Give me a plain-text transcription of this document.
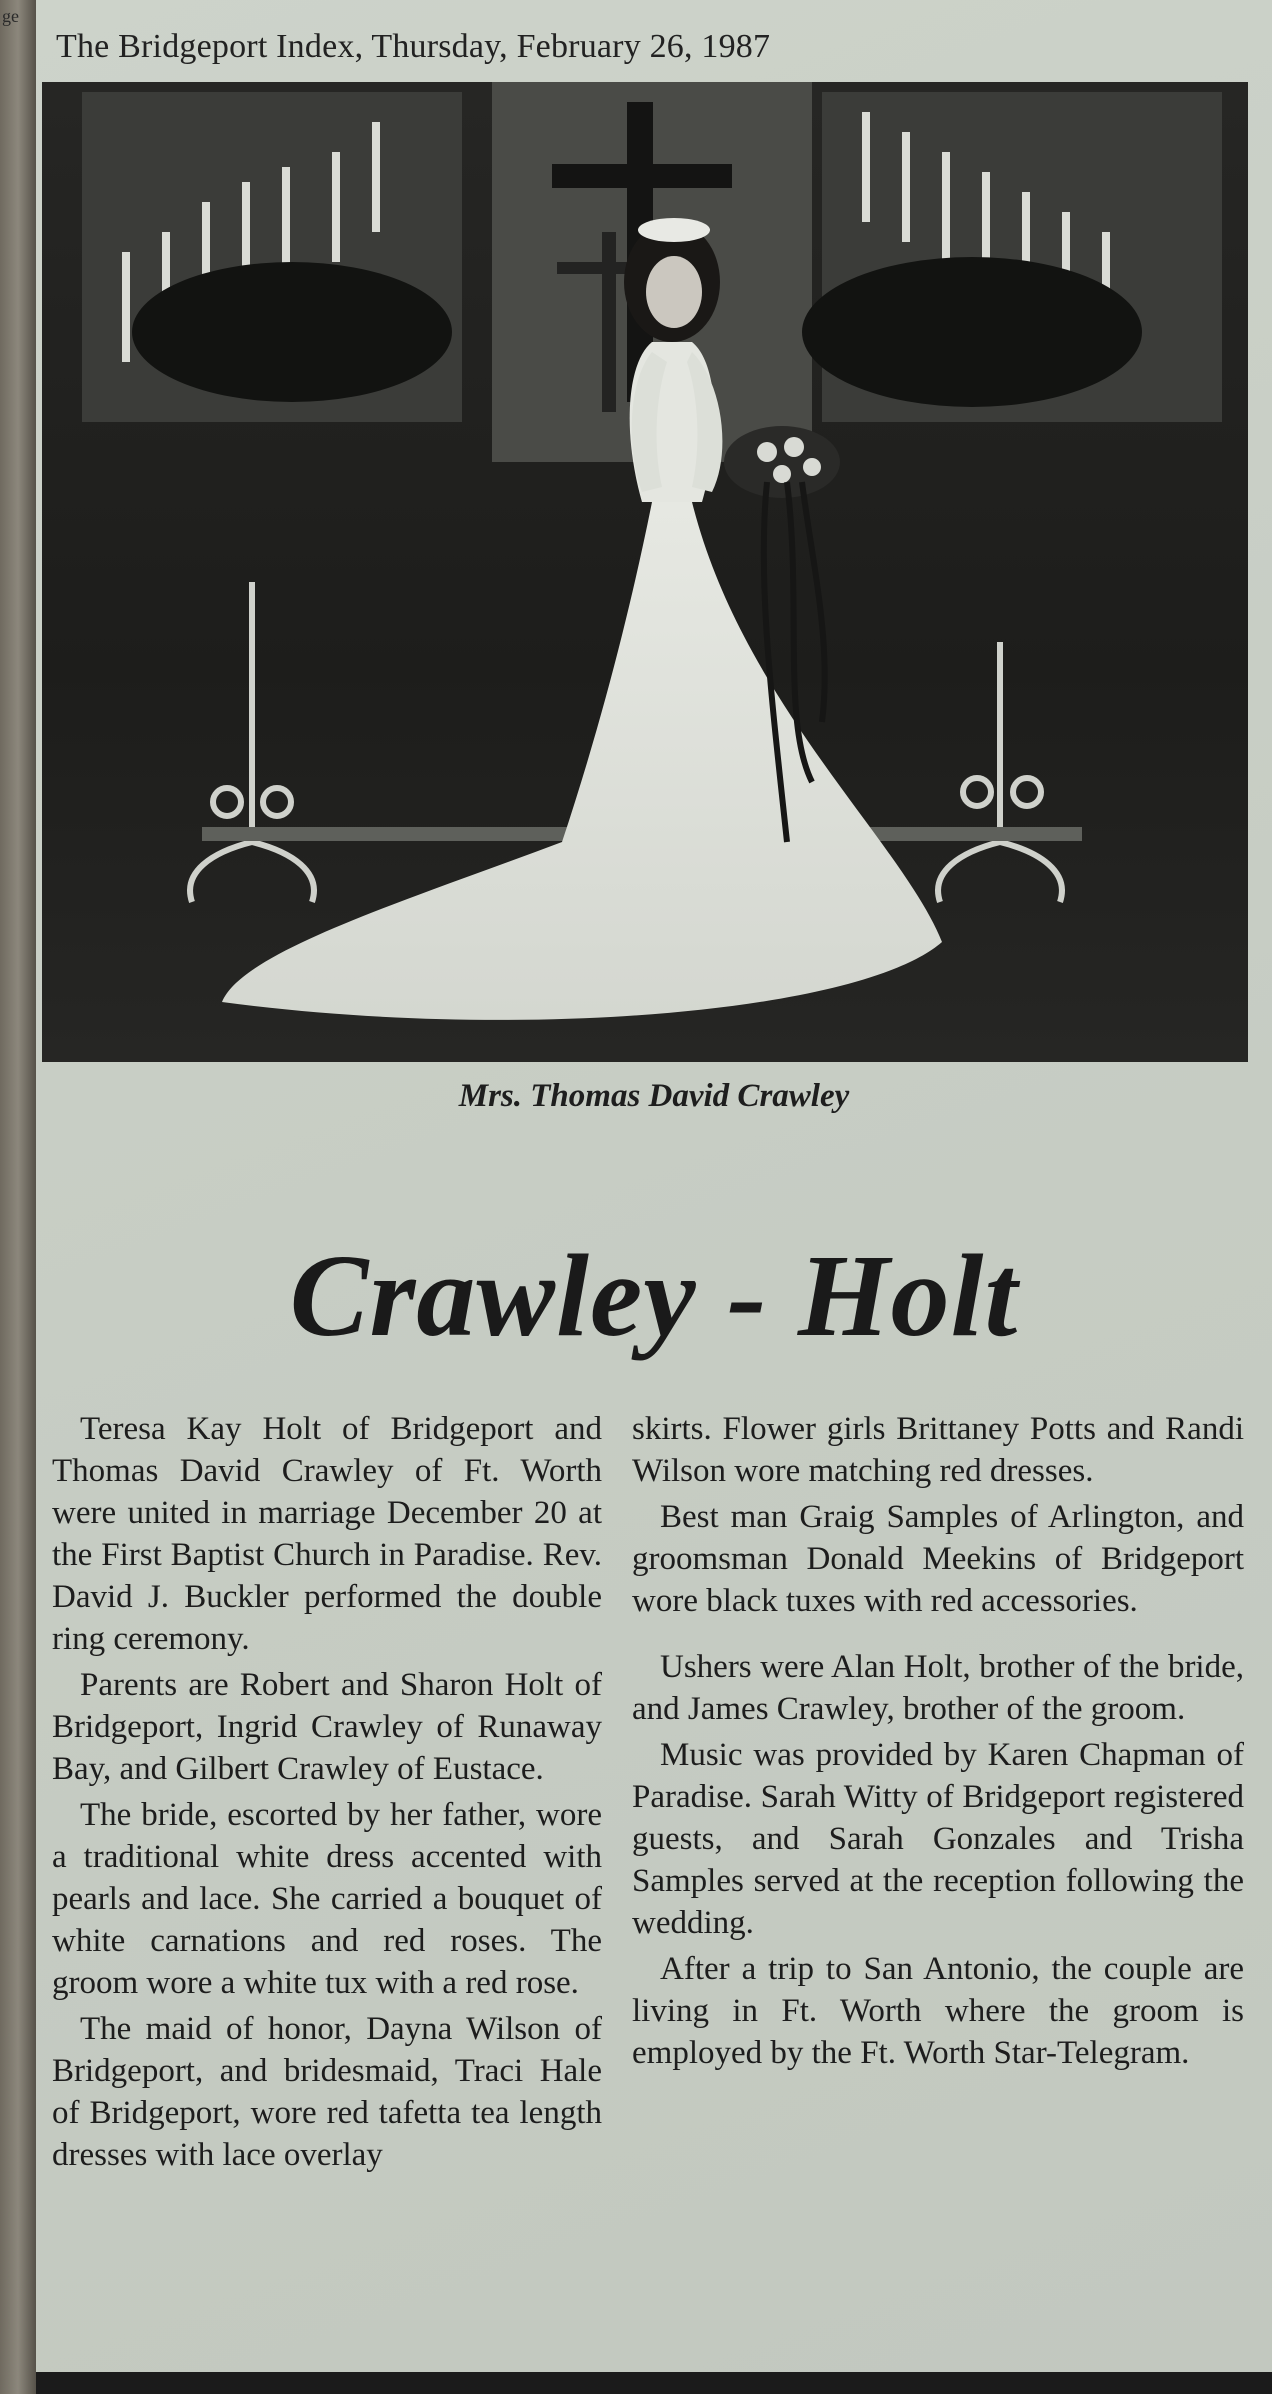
ge
The Bridgeport Index, Thursday, February 26, 1987
Mrs. Thomas David Crawley
Crawley - Holt

Teresa Kay Holt of Bridgeport and Thomas David Crawley of Ft. Worth were united in marriage December 20 at the First Baptist Church in Paradise. Rev. David J. Buckler performed the double ring ceremony.

Parents are Robert and Sharon Holt of Bridgeport, Ingrid Crawley of Runaway Bay, and Gilbert Crawley of Eustace.

The bride, escorted by her father, wore a traditional white dress accented with pearls and lace. She carried a bouquet of white carnations and red roses. The groom wore a white tux with a red rose.

The maid of honor, Dayna Wilson of Bridgeport, and bridesmaid, Traci Hale of Bridgeport, wore red tafetta tea length dresses with lace overlay

skirts. Flower girls Brittaney Potts and Randi Wilson wore matching red dresses.

Best man Graig Samples of Arlington, and groomsman Donald Meekins of Bridgeport wore black tuxes with red accessories.

Ushers were Alan Holt, brother of the bride, and James Crawley, brother of the groom.

Music was provided by Karen Chapman of Paradise. Sarah Witty of Bridgeport registered guests, and Sarah Gonzales and Trisha Samples served at the reception following the wedding.

After a trip to San Antonio, the couple are living in Ft. Worth where the groom is employed by the Ft. Worth Star-Telegram.
